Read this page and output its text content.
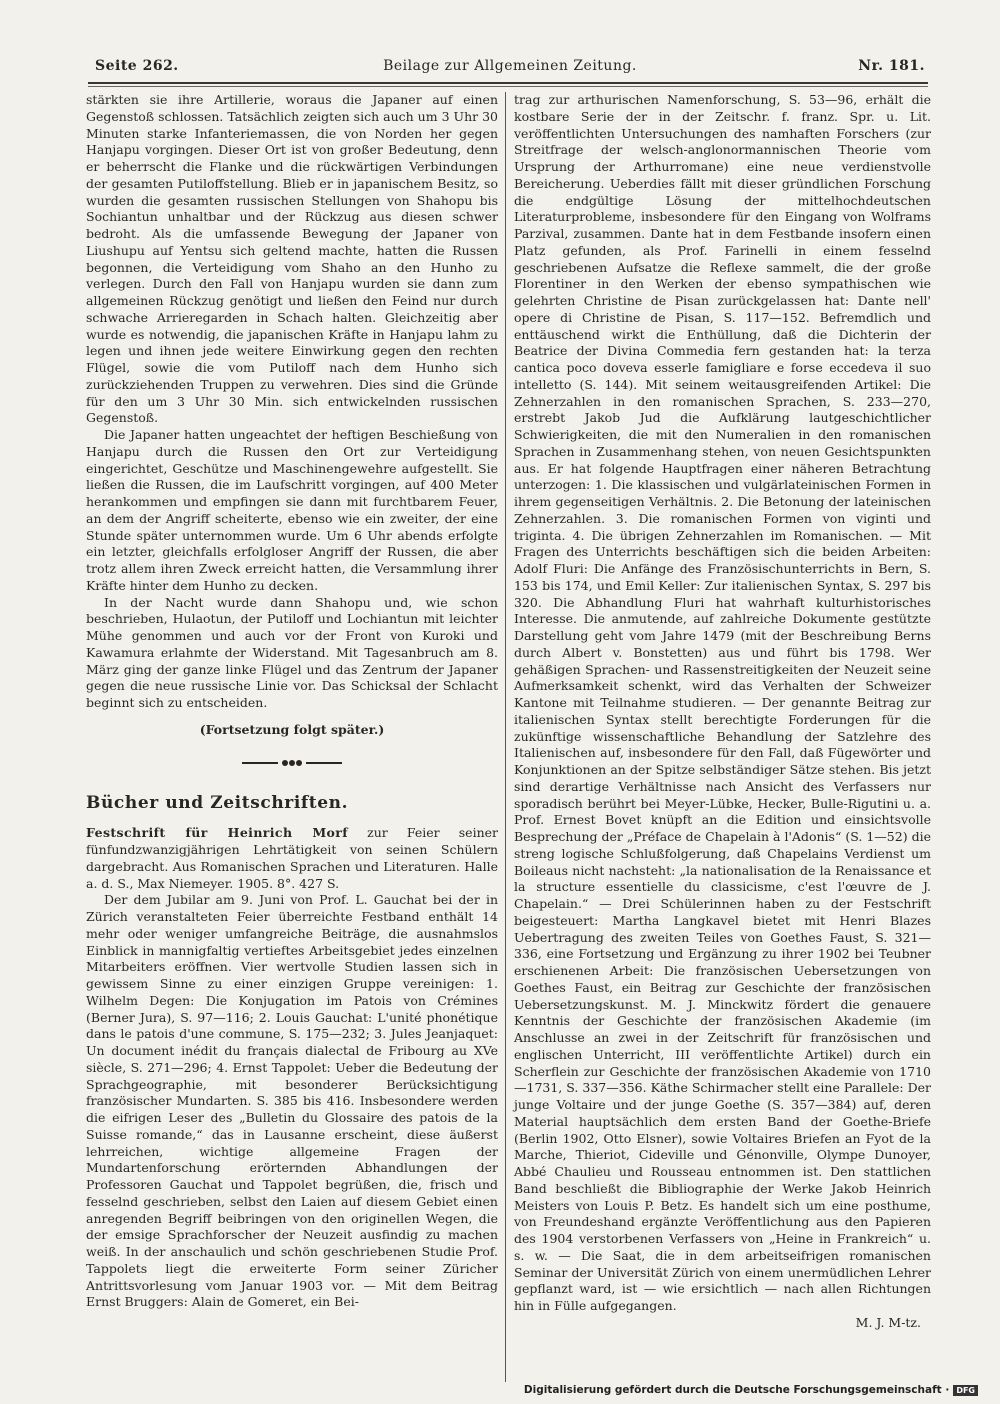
Seite 262.	Beilage zur Allgemeinen Zeitung.	Nr. 181.

stärkten sie ihre Artillerie, woraus die Japaner auf einen Gegenstoß schlossen. Tatsächlich zeigten sich auch um 3 Uhr 30 Minuten starke Infanteriemassen, die von Norden her gegen Hanjapu vorgingen. Dieser Ort ist von großer Bedeutung, denn er beherrscht die Flanke und die rückwärtigen Verbindungen der gesamten Putiloffstellung. Blieb er in japanischem Besitz, so wurden die gesamten russischen Stellungen von Shahopu bis Sochiantun unhaltbar und der Rückzug aus diesen schwer bedroht. Als die umfassende Bewegung der Japaner von Liushupu auf Yentsu sich geltend machte, hatten die Russen begonnen, die Verteidigung vom Shaho an den Hunho zu verlegen. Durch den Fall von Hanjapu wurden sie dann zum allgemeinen Rückzug genötigt und ließen den Feind nur durch schwache Arrieregarden in Schach halten. Gleichzeitig aber wurde es notwendig, die japanischen Kräfte in Hanjapu lahm zu legen und ihnen jede weitere Einwirkung gegen den rechten Flügel, sowie die vom Putiloff nach dem Hunho sich zurückziehenden Truppen zu verwehren. Dies sind die Gründe für den um 3 Uhr 30 Min. sich entwickelnden russischen Gegenstoß.

Die Japaner hatten ungeachtet der heftigen Beschießung von Hanjapu durch die Russen den Ort zur Verteidigung eingerichtet, Geschütze und Maschinengewehre aufgestellt. Sie ließen die Russen, die im Laufschritt vorgingen, auf 400 Meter herankommen und empfingen sie dann mit furchtbarem Feuer, an dem der Angriff scheiterte, ebenso wie ein zweiter, der eine Stunde später unternommen wurde. Um 6 Uhr abends erfolgte ein letzter, gleichfalls erfolgloser Angriff der Russen, die aber trotz allem ihren Zweck erreicht hatten, die Versammlung ihrer Kräfte hinter dem Hunho zu decken.

In der Nacht wurde dann Shahopu und, wie schon beschrieben, Hulaotun, der Putiloff und Lochiantun mit leichter Mühe genommen und auch vor der Front von Kuroki und Kawamura erlahmte der Widerstand. Mit Tagesanbruch am 8. März ging der ganze linke Flügel und das Zentrum der Japaner gegen die neue russische Linie vor. Das Schicksal der Schlacht beginnt sich zu entscheiden.

(Fortsetzung folgt später.)
Bücher und Zeitschriften.

Festschrift für Heinrich Morf zur Feier seiner fünfundzwanzigjährigen Lehrtätigkeit von seinen Schülern dargebracht. Aus Romanischen Sprachen und Literaturen. Halle a. d. S., Max Niemeyer. 1905. 8°. 427 S.

Der dem Jubilar am 9. Juni von Prof. L. Gauchat bei der in Zürich veranstalteten Feier überreichte Festband enthält 14 mehr oder weniger umfangreiche Beiträge, die ausnahmslos Einblick in mannigfaltig vertieftes Arbeitsgebiet jedes einzelnen Mitarbeiters eröffnen. Vier wertvolle Studien lassen sich in gewissem Sinne zu einer einzigen Gruppe vereinigen: 1. Wilhelm Degen: Die Konjugation im Patois von Crémines (Berner Jura), S. 97—116; 2. Louis Gauchat: L'unité phonétique dans le patois d'une commune, S. 175—232; 3. Jules Jeanjaquet: Un document inédit du français dialectal de Fribourg au XVe siècle, S. 271—296; 4. Ernst Tappolet: Ueber die Bedeutung der Sprachgeographie, mit besonderer Berücksichtigung französischer Mundarten. S. 385 bis 416. Insbesondere werden die eifrigen Leser des „Bulletin du Glossaire des patois de la Suisse romande,“ das in Lausanne erscheint, diese äußerst lehrreichen, wichtige allgemeine Fragen der Mundartenforschung erörternden Abhandlungen der Professoren Gauchat und Tappolet begrüßen, die, frisch und fesselnd geschrieben, selbst den Laien auf diesem Gebiet einen anregenden Begriff beibringen von den originellen Wegen, die der emsige Sprachforscher der Neuzeit ausfindig zu machen weiß. In der anschaulich und schön geschriebenen Studie Prof. Tappolets liegt die erweiterte Form seiner Züricher Antrittsvorlesung vom Januar 1903 vor. — Mit dem Beitrag Ernst Bruggers: Alain de Gomeret, ein Bei-

trag zur arthurischen Namenforschung, S. 53—96, erhält die kostbare Serie der in der Zeitschr. f. franz. Spr. u. Lit. veröffentlichten Untersuchungen des namhaften Forschers (zur Streitfrage der welsch-anglonormannischen Theorie vom Ursprung der Arthurromane) eine neue verdienstvolle Bereicherung. Ueberdies fällt mit dieser gründlichen Forschung die endgültige Lösung der mittelhochdeutschen Literaturprobleme, insbesondere für den Eingang von Wolframs Parzival, zusammen. Dante hat in dem Festbande insofern einen Platz gefunden, als Prof. Farinelli in einem fesselnd geschriebenen Aufsatze die Reflexe sammelt, die der große Florentiner in den Werken der ebenso sympathischen wie gelehrten Christine de Pisan zurückgelassen hat: Dante nell' opere di Christine de Pisan, S. 117—152. Befremdlich und enttäuschend wirkt die Enthüllung, daß die Dichterin der Beatrice der Divina Commedia fern gestanden hat: la terza cantica poco doveva esserle famigliare e forse eccedeva il suo intelletto (S. 144). Mit seinem weitausgreifenden Artikel: Die Zehnerzahlen in den romanischen Sprachen, S. 233—270, erstrebt Jakob Jud die Aufklärung lautgeschichtlicher Schwierigkeiten, die mit den Numeralien in den romanischen Sprachen in Zusammenhang stehen, von neuen Gesichtspunkten aus. Er hat folgende Hauptfragen einer näheren Betrachtung unterzogen: 1. Die klassischen und vulgärlateinischen Formen in ihrem gegenseitigen Verhältnis. 2. Die Betonung der lateinischen Zehnerzahlen. 3. Die romanischen Formen von viginti und triginta. 4. Die übrigen Zehnerzahlen im Romanischen. — Mit Fragen des Unterrichts beschäftigen sich die beiden Arbeiten: Adolf Fluri: Die Anfänge des Französischunterrichts in Bern, S. 153 bis 174, und Emil Keller: Zur italienischen Syntax, S. 297 bis 320. Die Abhandlung Fluri hat wahrhaft kulturhistorisches Interesse. Die anmutende, auf zahlreiche Dokumente gestützte Darstellung geht vom Jahre 1479 (mit der Beschreibung Berns durch Albert v. Bonstetten) aus und führt bis 1798. Wer gehäßigen Sprachen- und Rassenstreitigkeiten der Neuzeit seine Aufmerksamkeit schenkt, wird das Verhalten der Schweizer Kantone mit Teilnahme studieren. — Der genannte Beitrag zur italienischen Syntax stellt berechtigte Forderungen für die zukünftige wissenschaftliche Behandlung der Satzlehre des Italienischen auf, insbesondere für den Fall, daß Fügewörter und Konjunktionen an der Spitze selbständiger Sätze stehen. Bis jetzt sind derartige Verhältnisse nach Ansicht des Verfassers nur sporadisch berührt bei Meyer-Lübke, Hecker, Bulle-Rigutini u. a. Prof. Ernest Bovet knüpft an die Edition und einsichtsvolle Besprechung der „Préface de Chapelain à l'Adonis“ (S. 1—52) die streng logische Schlußfolgerung, daß Chapelains Verdienst um Boileaus nicht nachsteht: „la nationalisation de la Renaissance et la structure essentielle du classicisme, c'est l'œuvre de J. Chapelain.“ — Drei Schülerinnen haben zu der Festschrift beigesteuert: Martha Langkavel bietet mit Henri Blazes Uebertragung des zweiten Teiles von Goethes Faust, S. 321—336, eine Fortsetzung und Ergänzung zu ihrer 1902 bei Teubner erschienenen Arbeit: Die französischen Uebersetzungen von Goethes Faust, ein Beitrag zur Geschichte der französischen Uebersetzungskunst. M. J. Minckwitz fördert die genauere Kenntnis der Geschichte der französischen Akademie (im Anschlusse an zwei in der Zeitschrift für französischen und englischen Unterricht, III veröffentlichte Artikel) durch ein Scherflein zur Geschichte der französischen Akademie von 1710—1731, S. 337—356. Käthe Schirmacher stellt eine Parallele: Der junge Voltaire und der junge Goethe (S. 357—384) auf, deren Material hauptsächlich dem ersten Band der Goethe-Briefe (Berlin 1902, Otto Elsner), sowie Voltaires Briefen an Fyot de la Marche, Thieriot, Cideville und Génonville, Olympe Dunoyer, Abbé Chaulieu und Rousseau entnommen ist. Den stattlichen Band beschließt die Bibliographie der Werke Jakob Heinrich Meisters von Louis P. Betz. Es handelt sich um eine posthume, von Freundeshand ergänzte Veröffentlichung aus den Papieren des 1904 verstorbenen Verfassers von „Heine in Frankreich“ u. s. w. — Die Saat, die in dem arbeitseifrigen romanischen Seminar der Universität Zürich von einem unermüdlichen Lehrer gepflanzt ward, ist — wie ersichtlich — nach allen Richtungen hin in Fülle aufgegangen.

M. J. M-tz.

Digitalisierung gefördert durch die Deutsche Forschungsgemeinschaft · DFG
